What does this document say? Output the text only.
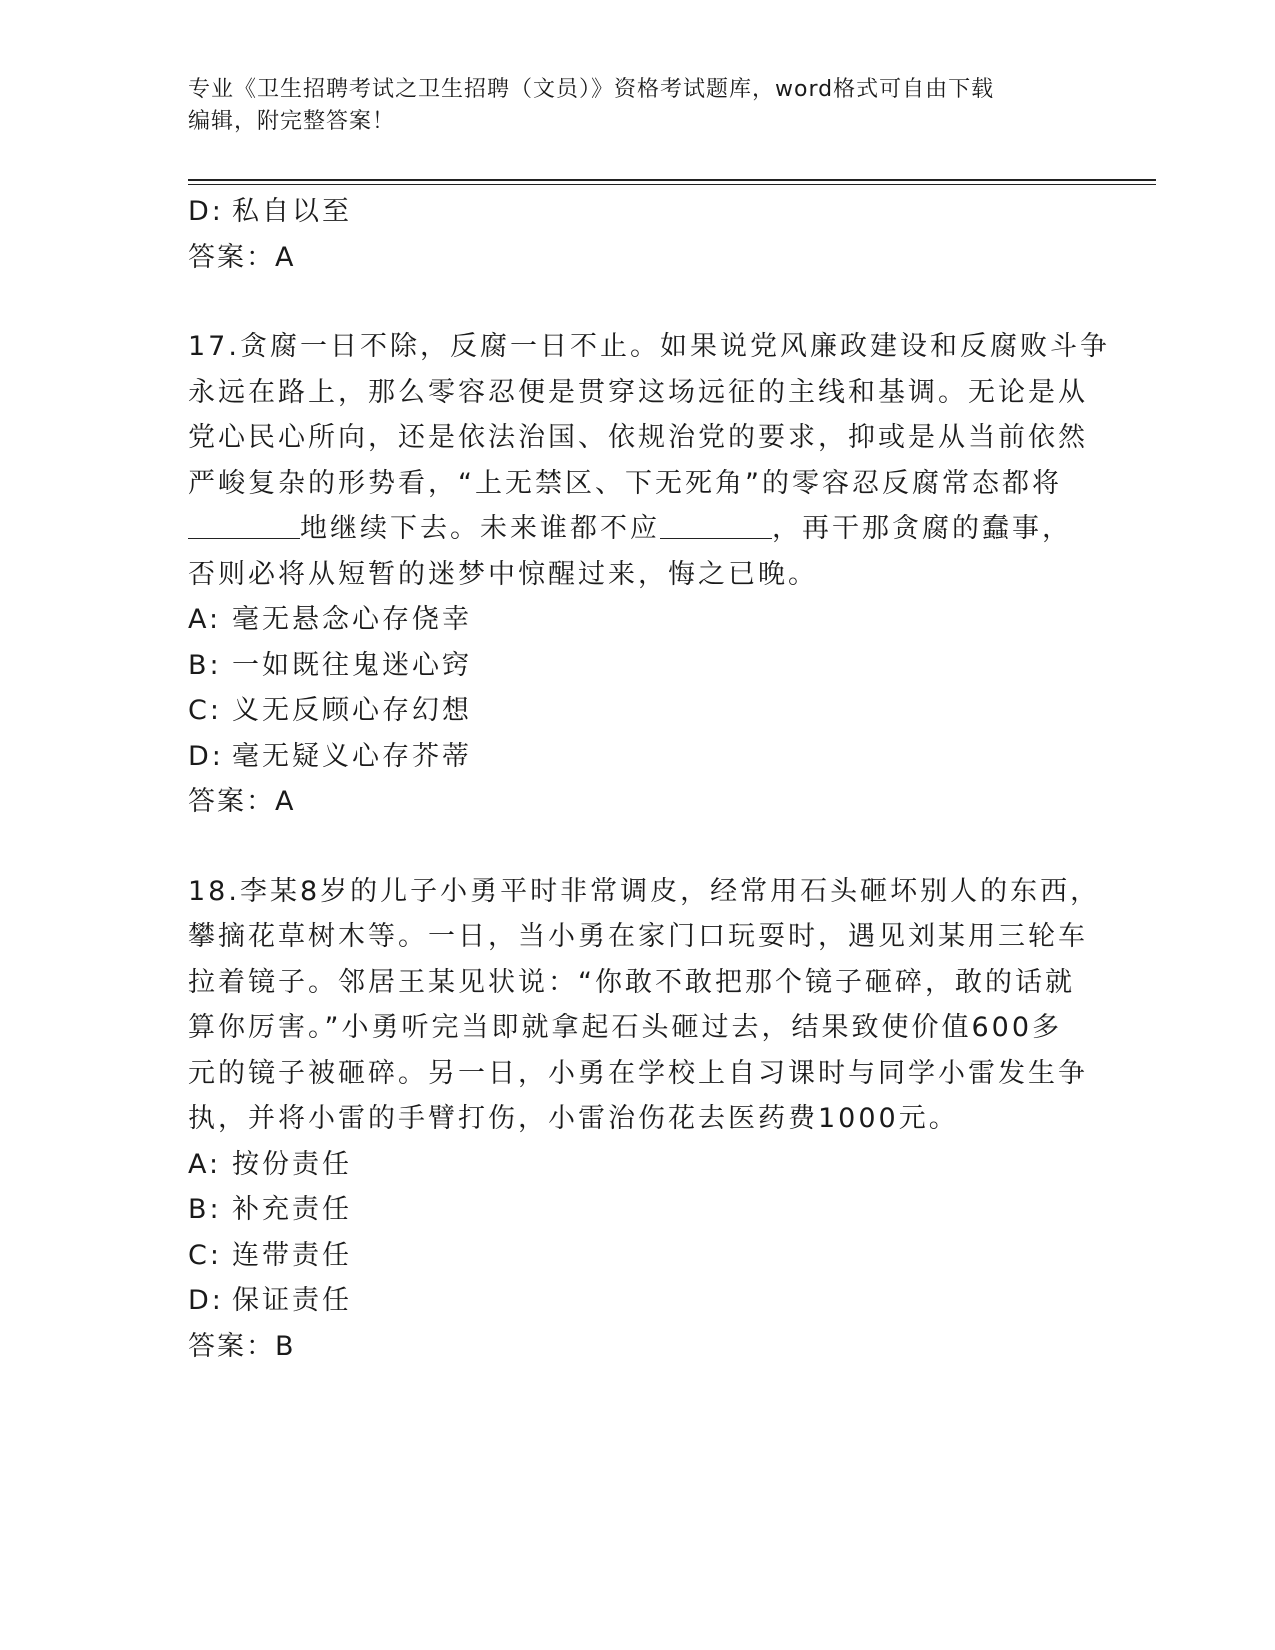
专业《卫生招聘考试之卫生招聘（文员）》资格考试题库，word格式可自由下载
编辑，附完整答案！
D: 私自以至
答案：A
17.贪腐一日不除，反腐一日不止。如果说党风廉政建设和反腐败斗争
永远在路上，那么零容忍便是贯穿这场远征的主线和基调。无论是从
党心民心所向，还是依法治国、依规治党的要求，抑或是从当前依然
严峻复杂的形势看，“上无禁区、下无死角”的零容忍反腐常态都将
地继续下去。未来谁都不应	，再干那贪腐的蠢事，
否则必将从短暂的迷梦中惊醒过来，悔之已晚。
A: 毫无悬念心存侥幸
B: 一如既往鬼迷心窍
C: 义无反顾心存幻想
D: 毫无疑义心存芥蒂
答案：A
18.李某8岁的儿子小勇平时非常调皮，经常用石头砸坏别人的东西，
攀摘花草树木等。一日，当小勇在家门口玩耍时，遇见刘某用三轮车
拉着镜子。邻居王某见状说：“你敢不敢把那个镜子砸碎，敢的话就
算你厉害。”小勇听完当即就拿起石头砸过去，结果致使价值600多
元的镜子被砸碎。另一日，小勇在学校上自习课时与同学小雷发生争
执，并将小雷的手臂打伤，小雷治伤花去医药费1000元。
A: 按份责任
B: 补充责任
C: 连带责任
D: 保证责任
答案：B
